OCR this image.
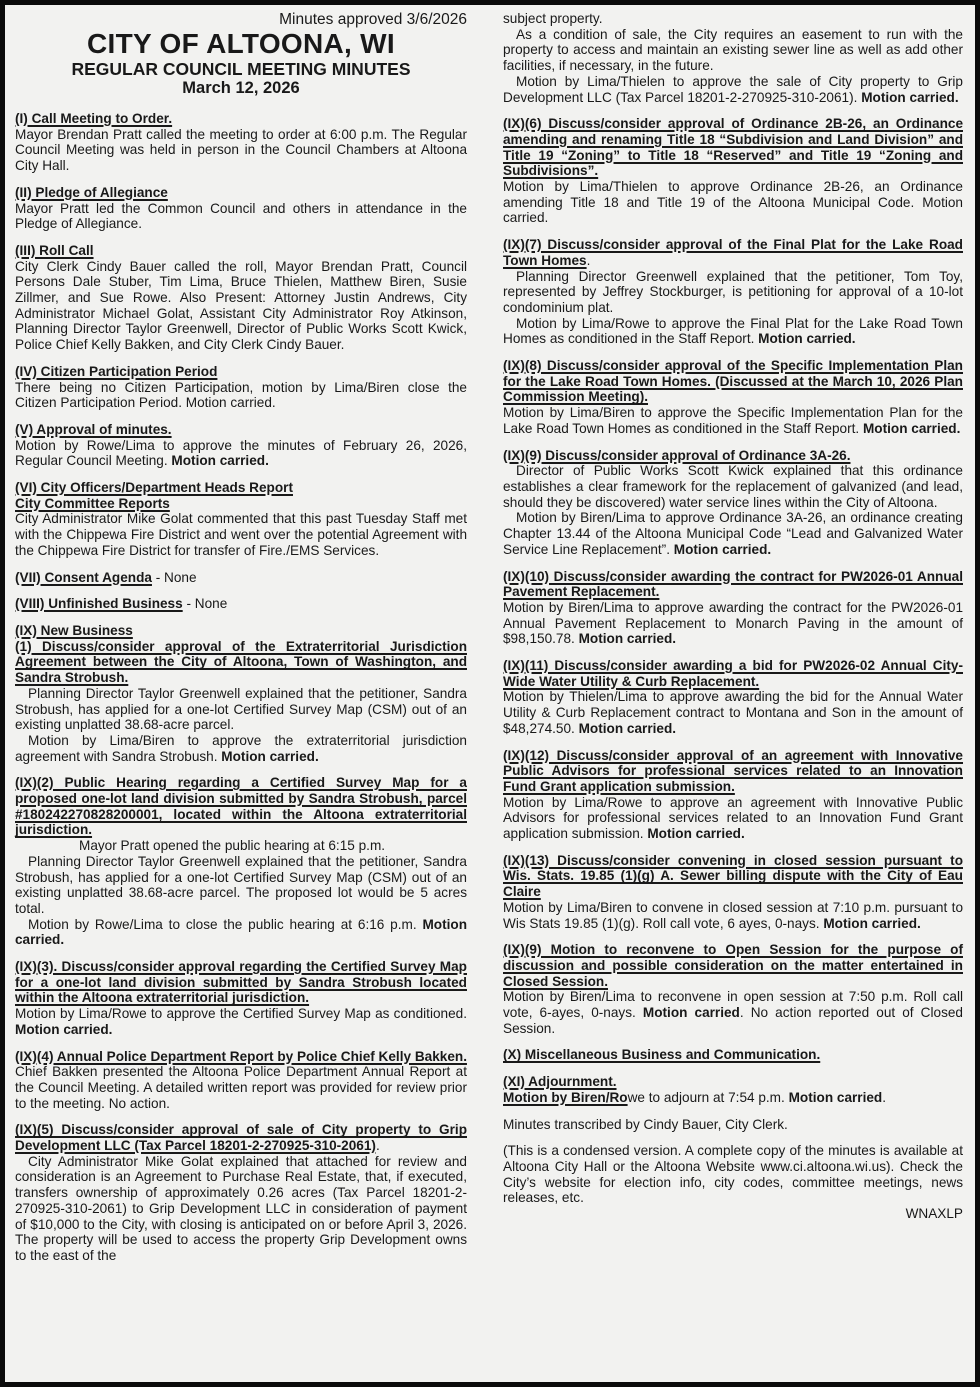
Minutes approved 3/6/2026
CITY OF ALTOONA, WI
REGULAR COUNCIL MEETING MINUTES
March 12, 2026

(I) Call Meeting to Order.

Mayor Brendan Pratt called the meeting to order at 6:00 p.m. The Regular Council Meeting was held in person in the Council Chambers at Altoona City Hall.

(II) Pledge of Allegiance

Mayor Pratt led the Common Council and others in attendance in the Pledge of Allegiance.

(III) Roll Call

City Clerk Cindy Bauer called the roll, Mayor Brendan Pratt, Council Persons Dale Stuber, Tim Lima, Bruce Thielen, Matthew Biren, Susie Zillmer, and Sue Rowe. Also Present: Attorney Justin Andrews, City Administrator Michael Golat, Assistant City Administrator Roy Atkinson, Planning Director Taylor Greenwell, Director of Public Works Scott Kwick, Police Chief Kelly Bakken, and City Clerk Cindy Bauer.

(IV) Citizen Participation Period

There being no Citizen Participation, motion by Lima/Biren close the Citizen Participation Period. Motion carried.

(V) Approval of minutes.

Motion by Rowe/Lima to approve the minutes of February 26, 2026, Regular Council Meeting. Motion carried.

(VI) City Officers/Department Heads Report

City Committee Reports

City Administrator Mike Golat commented that this past Tuesday Staff met with the Chippewa Fire District and went over the potential Agreement with the Chippewa Fire District for transfer of Fire./EMS Services.

(VII) Consent Agenda - None

(VIII) Unfinished Business - None

(IX) New Business

(1) Discuss/consider approval of the Extraterritorial Jurisdiction Agreement between the City of Altoona, Town of Washington, and Sandra Strobush.

Planning Director Taylor Greenwell explained that the petitioner, Sandra Strobush, has applied for a one-lot Certified Survey Map (CSM) out of an existing unplatted 38.68-acre parcel.

Motion by Lima/Biren to approve the extraterritorial jurisdiction agreement with Sandra Strobush. Motion carried.

(IX)(2) Public Hearing regarding a Certified Survey Map for a proposed one-lot land division submitted by Sandra Strobush, parcel #180242270828200001, located within the Altoona extraterritorial jurisdiction.

Mayor Pratt opened the public hearing at 6:15 p.m.

Planning Director Taylor Greenwell explained that the petitioner, Sandra Strobush, has applied for a one-lot Certified Survey Map (CSM) out of an existing unplatted 38.68-acre parcel. The proposed lot would be 5 acres total.

Motion by Rowe/Lima to close the public hearing at 6:16 p.m. Motion carried.

(IX)(3). Discuss/consider approval regarding the Certified Survey Map for a one-lot land division submitted by Sandra Strobush located within the Altoona extraterritorial jurisdiction.

Motion by Lima/Rowe to approve the Certified Survey Map as conditioned. Motion carried.

(IX)(4) Annual Police Department Report by Police Chief Kelly Bakken.

Chief Bakken presented the Altoona Police Department Annual Report at the Council Meeting. A detailed written report was provided for review prior to the meeting. No action.

(IX)(5) Discuss/consider approval of sale of City property to Grip Development LLC (Tax Parcel 18201-2-270925-310-2061).

City Administrator Mike Golat explained that attached for review and consideration is an Agreement to Purchase Real Estate, that, if executed, transfers ownership of approximately 0.26 acres (Tax Parcel 18201-2-270925-310-2061) to Grip Development LLC in consideration of payment of $10,000 to the City, with closing is anticipated on or before April 3, 2026. The property will be used to access the property Grip Development owns to the east of the

subject property.

As a condition of sale, the City requires an easement to run with the property to access and maintain an existing sewer line as well as add other facilities, if necessary, in the future.

Motion by Lima/Thielen to approve the sale of City property to Grip Development LLC (Tax Parcel 18201-2-270925-310-2061). Motion carried.

(IX)(6) Discuss/consider approval of Ordinance 2B-26, an Ordinance amending and renaming Title 18 “Subdivision and Land Division” and Title 19 “Zoning” to Title 18 “Reserved” and Title 19 “Zoning and Subdivisions”.

Motion by Lima/Thielen to approve Ordinance 2B-26, an Ordinance amending Title 18 and Title 19 of the Altoona Municipal Code. Motion carried.

(IX)(7) Discuss/consider approval of the Final Plat for the Lake Road Town Homes.

Planning Director Greenwell explained that the petitioner, Tom Toy, represented by Jeffrey Stockburger, is petitioning for approval of a 10-lot condominium plat.

Motion by Lima/Rowe to approve the Final Plat for the Lake Road Town Homes as conditioned in the Staff Report. Motion carried.

(IX)(8) Discuss/consider approval of the Specific Implementation Plan for the Lake Road Town Homes. (Discussed at the March 10, 2026 Plan Commission Meeting).

Motion by Lima/Biren to approve the Specific Implementation Plan for the Lake Road Town Homes as conditioned in the Staff Report. Motion carried.

(IX)(9) Discuss/consider approval of Ordinance 3A-26.

Director of Public Works Scott Kwick explained that this ordinance establishes a clear framework for the replacement of galvanized (and lead, should they be discovered) water service lines within the City of Altoona.

Motion by Biren/Lima to approve Ordinance 3A-26, an ordinance creating Chapter 13.44 of the Altoona Municipal Code “Lead and Galvanized Water Service Line Replacement”. Motion carried.

(IX)(10) Discuss/consider awarding the contract for PW2026-01 Annual Pavement Replacement.

Motion by Biren/Lima to approve awarding the contract for the PW2026-01 Annual Pavement Replacement to Monarch Paving in the amount of $98,150.78. Motion carried.

(IX)(11) Discuss/consider awarding a bid for PW2026-02 Annual City-Wide Water Utility & Curb Replacement.

Motion by Thielen/Lima to approve awarding the bid for the Annual Water Utility & Curb Replacement contract to Montana and Son in the amount of $48,274.50. Motion carried.

(IX)(12) Discuss/consider approval of an agreement with Innovative Public Advisors for professional services related to an Innovation Fund Grant application submission.

Motion by Lima/Rowe to approve an agreement with Innovative Public Advisors for professional services related to an Innovation Fund Grant application submission. Motion carried.

(IX)(13) Discuss/consider convening in closed session pursuant to Wis. Stats. 19.85 (1)(g) A. Sewer billing dispute with the City of Eau Claire

Motion by Lima/Biren to convene in closed session at 7:10 p.m. pursuant to Wis Stats 19.85 (1)(g). Roll call vote, 6 ayes, 0-nays. Motion carried.

(IX)(9) Motion to reconvene to Open Session for the purpose of discussion and possible consideration on the matter entertained in Closed Session.

Motion by Biren/Lima to reconvene in open session at 7:50 p.m. Roll call vote, 6-ayes, 0-nays. Motion carried. No action reported out of Closed Session.

(X) Miscellaneous Business and Communication.

(XI) Adjournment.

Motion by Biren/Rowe to adjourn at 7:54 p.m. Motion carried.

Minutes transcribed by Cindy Bauer, City Clerk.

(This is a condensed version. A complete copy of the minutes is available at Altoona City Hall or the Altoona Website www.ci.altoona.wi.us). Check the City’s website for election info, city codes, committee meetings, news releases, etc.

WNAXLP
